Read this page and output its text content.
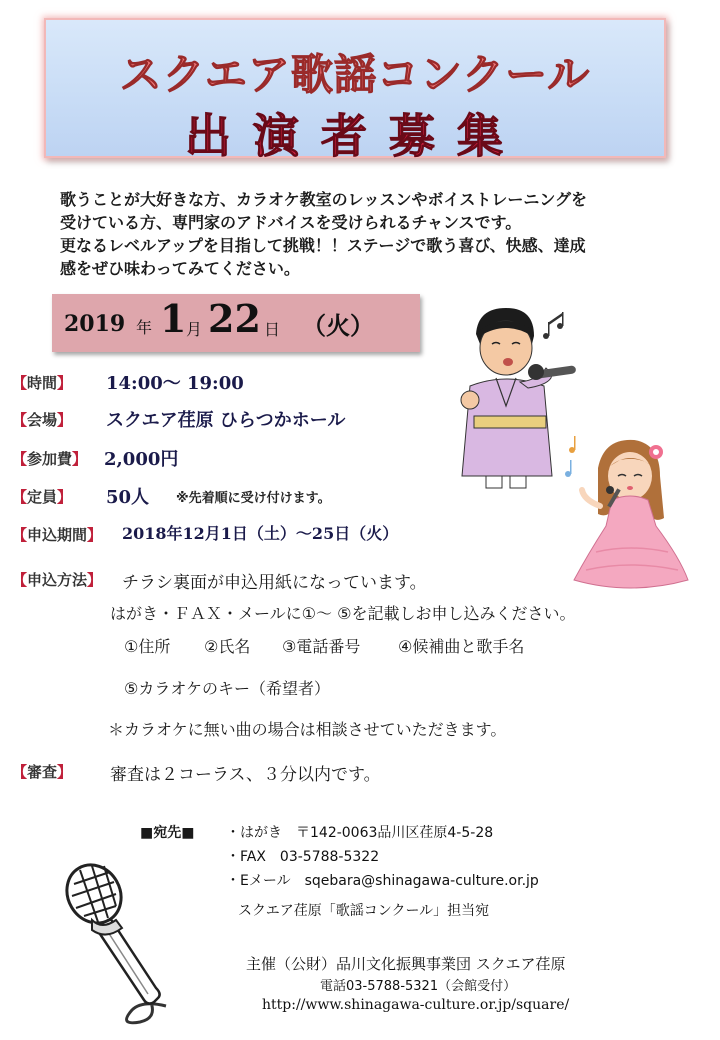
スクエア歌謡コンクール
出演者募集

歌うことが大好きな方、カラオケ教室のレッスンやボイストレーニングを

受けている方、専門家のアドバイスを受けられるチャンスです。

更なるレベルアップを目指して挑戦！！ステージで歌う喜び、快感、達成

感をぜひ味わってみてください。

2019 年 1 月 22 日 （火）
【時間】 14:00～ 19:00
【会場】 スクエア荏原 ひらつかホール
【参加費】 2,000円
【定員】 50人 ※先着順に受け付けます。
【申込期間】 2018年12月1日（土）～25日（火）
【申込方法】 チラシ裏面が申込用紙になっています。
はがき・ＦＡＸ・メールに①～ ⑤を記載しお申し込みください。
①住所 ②氏名 ③電話番号 ④候補曲と歌手名
⑤カラオケのキー（希望者）
＊カラオケに無い曲の場合は相談させていただきます。
【審査】 審査は２コーラス、３分以内です。
■宛先■ ・はがき　〒142-0063品川区荏原4-5-28
・FAX　03-5788-5322
・Eメール　sqebara@shinagawa-culture.or.jp
スクエア荏原「歌謡コンクール」担当宛
主催（公財）品川文化振興事業団 スクエア荏原
電話03-5788-5321（会館受付）
http://www.shinagawa-culture.or.jp/square/
